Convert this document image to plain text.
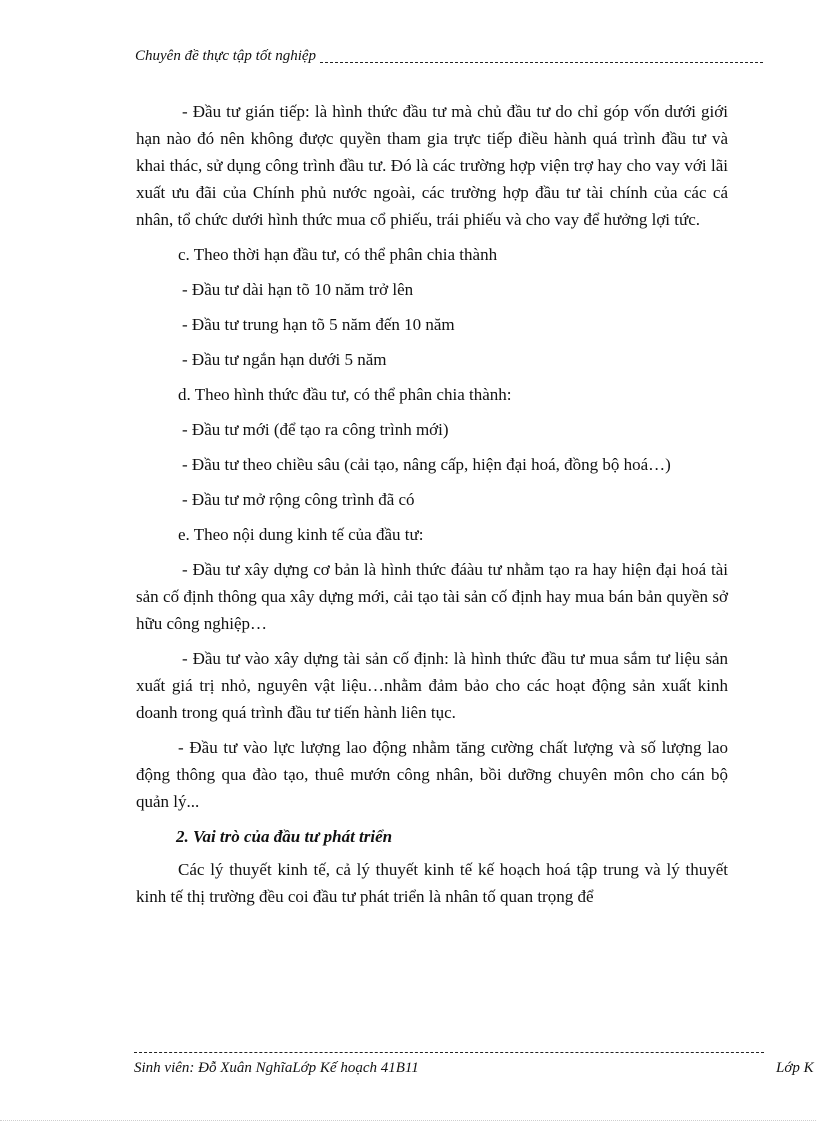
Chuyên đề thực tập tốt nghiệp

- Đầu tư gián tiếp: là hình thức đầu tư mà chủ đầu tư do chỉ góp vốn dưới giới hạn nào đó nên không được quyền tham gia trực tiếp điều hành quá trình đầu tư và khai thác, sử dụng công trình đầu tư. Đó là các trường hợp viện trợ hay cho vay với lãi xuất ưu đãi của Chính phủ nước ngoài, các trường hợp đầu tư tài chính của các cá nhân, tổ chức dưới hình thức mua cổ phiếu, trái phiếu và cho vay để hưởng lợi tức.

c. Theo thời hạn đầu tư, có thể phân chia thành

- Đầu tư dài hạn tõ 10 năm trở lên

- Đầu tư trung hạn tõ 5 năm đến 10 năm

- Đầu tư ngắn hạn dưới 5 năm

d. Theo hình thức đầu tư, có thể phân chia thành:

- Đầu tư mới (để tạo ra công trình mới)

- Đầu tư theo chiều sâu (cải tạo, nâng cấp, hiện đại hoá, đồng bộ hoá…)

- Đầu tư mở rộng công trình đã có

e. Theo nội dung kinh tế của đầu tư:

- Đầu tư xây dựng cơ bản là hình thức đáàu tư nhằm tạo ra hay hiện đại hoá tài sản cố định thông qua xây dựng mới, cải tạo tài sản cố định hay mua bán bản quyền sở hữu công nghiệp…

- Đầu tư vào xây dựng tài sản cố định: là hình thức đầu tư mua sắm tư liệu sản xuất giá trị nhỏ, nguyên vật liệu…nhằm đảm bảo cho các hoạt động sản xuất kinh doanh trong quá trình đầu tư tiến hành liên tục.

- Đầu tư vào lực lượng lao động nhằm tăng cường chất lượng và số lượng lao động thông qua đào tạo, thuê mướn công nhân, bồi dưỡng chuyên môn cho cán bộ quản lý...

2. Vai trò của đầu tư phát triển

Các lý thuyết kinh tế, cả lý thuyết kinh tế kế hoạch hoá tập trung và lý thuyết kinh tế thị trường đều coi đầu tư phát triển là nhân tố quan trọng để

Sinh viên: Đỗ Xuân NghĩaLớp Kế hoạch 41B11	Lớp K
